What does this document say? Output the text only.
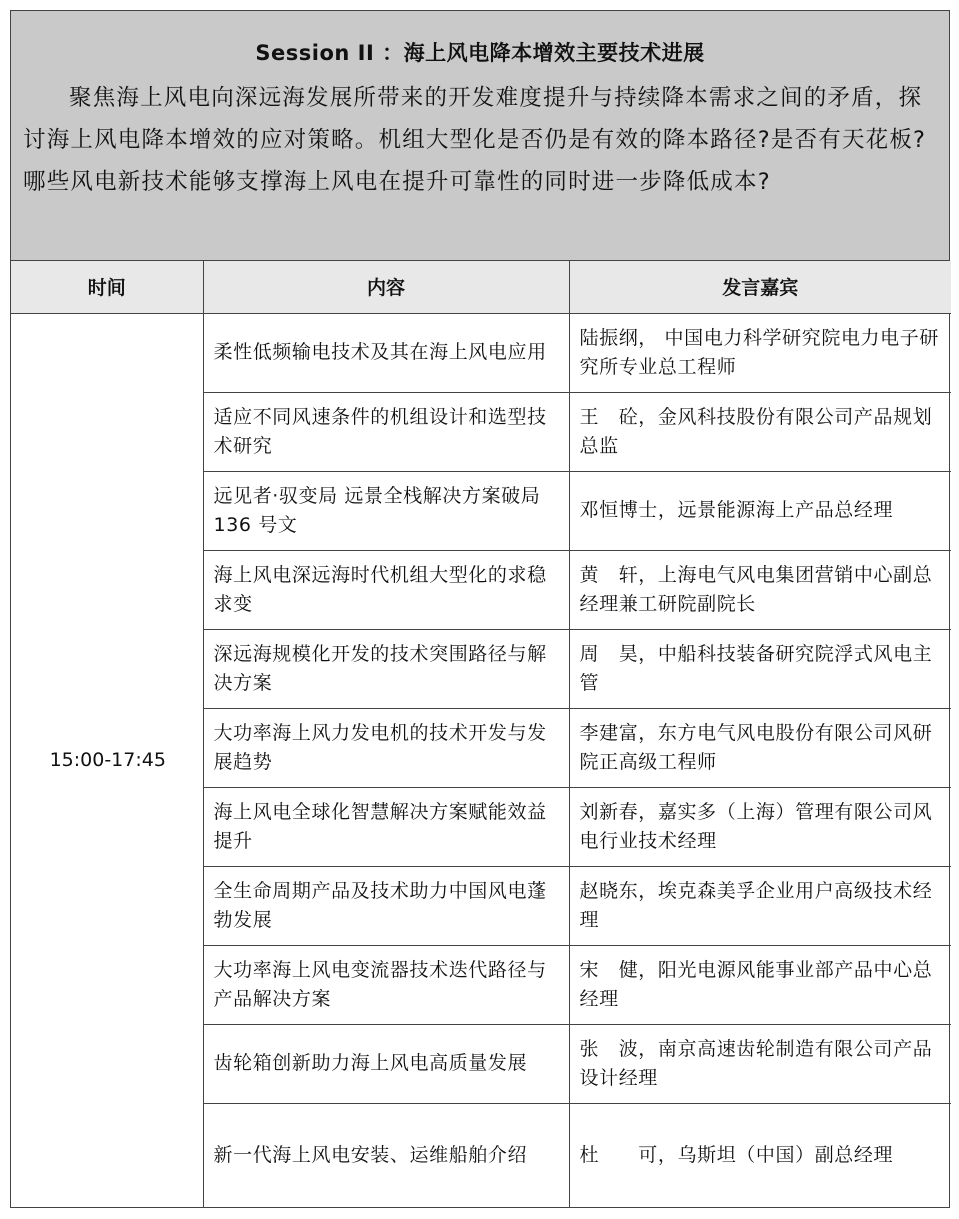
Session II ：海上风电降本增效主要技术进展
聚焦海上风电向深远海发展所带来的开发难度提升与持续降本需求之间的矛盾，探讨海上风电降本增效的应对策略。机组大型化是否仍是有效的降本路径?是否有天花板?哪些风电新技术能够支撑海上风电在提升可靠性的同时进一步降低成本?
时间	内容	发言嘉宾
15:00-17:45	柔性低频输电技术及其在海上风电应用	陆振纲， 中国电力科学研究院电力电子研究所专业总工程师
	适应不同风速条件的机组设计和选型技术研究	王　砼，金风科技股份有限公司产品规划总监
	远见者·驭变局 远景全栈解决方案破局 136 号文	邓恒博士，远景能源海上产品总经理
	海上风电深远海时代机组大型化的求稳求变	黄　轩，上海电气风电集团营销中心副总经理兼工研院副院长
	深远海规模化开发的技术突围路径与解决方案	周　昊，中船科技装备研究院浮式风电主管
	大功率海上风力发电机的技术开发与发展趋势	李建富，东方电气风电股份有限公司风研院正高级工程师
	海上风电全球化智慧解决方案赋能效益提升	刘新春，嘉实多（上海）管理有限公司风电行业技术经理
	全生命周期产品及技术助力中国风电蓬勃发展	赵晓东，埃克森美孚企业用户高级技术经理
	大功率海上风电变流器技术迭代路径与产品解决方案	宋　健，阳光电源风能事业部产品中心总经理
	齿轮箱创新助力海上风电高质量发展	张　波，南京高速齿轮制造有限公司产品设计经理
	新一代海上风电安装、运维船舶介绍	杜　　可，乌斯坦（中国）副总经理
